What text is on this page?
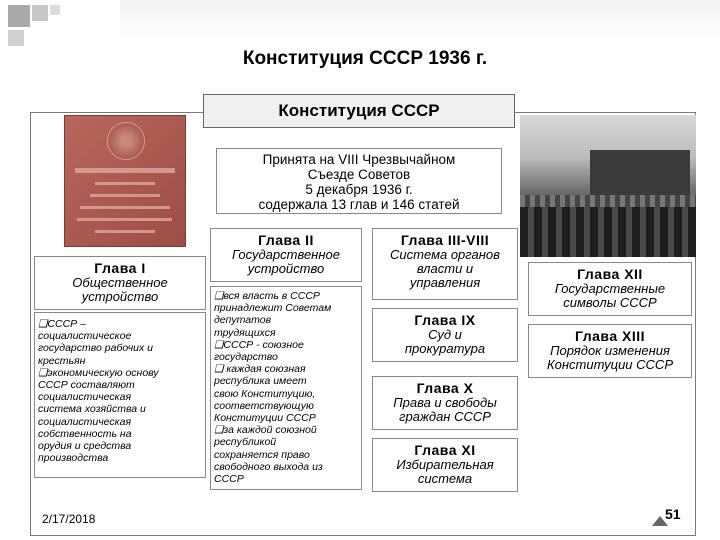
Конституция СССР 1936 г.
Конституция СССР
Принята на VIII Чрезвычайном
Съезде Советов
5 декабря 1936 г.
содержала 13 глав и 146 статей
Глава I
Общественное
устройство
❑СССР –
социалистическое
государство рабочих и
крестьян
❑экономическую основу
СССР составляют
социалистическая
система хозяйства и
социалистическая
собственность на
орудия и средства
производства
Глава II
Государственное
устройство
❑вся власть в СССР
принадлежит Советам
депутатов
трудящихся
❑СССР - союзное
государство
❑ каждая союзная
республика имеет
свою Конституцию,
соответствующую
Конституции СССР
❑за каждой союзной
республикой
сохраняется право
свободного выхода из
СССР
Глава III-VIII
Система органов
власти и
управления
Глава IX
Суд и
прокуратура
Глава X
Права и свободы
граждан СССР
Глава XI
Избирательная
система
Глава XII
Государственные
символы СССР
Глава XIII
Порядок изменения
Конституции СССР
2/17/2018	51
